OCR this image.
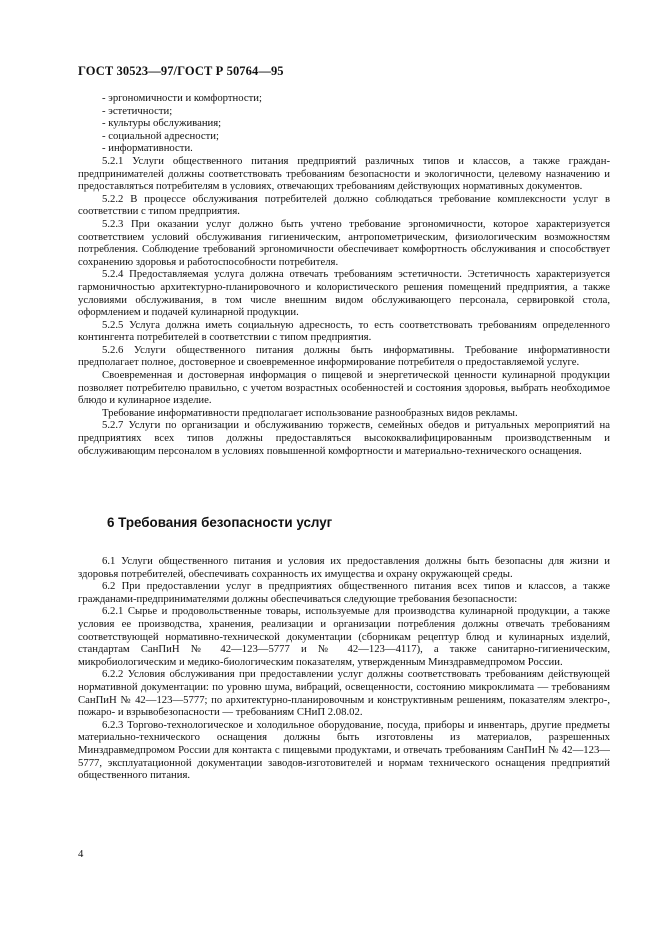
ГОСТ 30523—97/ГОСТ Р 50764—95

- эргономичности и комфортности;

- эстетичности;

- культуры обслуживания;

- социальной адресности;

- информативности.

5.2.1 Услуги общественного питания предприятий различных типов и классов, а также граждан-предпринимателей должны соответствовать требованиям безопасности и экологичности, целевому назначению и предоставляться потребителям в условиях, отвечающих требованиям действующих нормативных документов.

5.2.2 В процессе обслуживания потребителей должно соблюдаться требование комплексности услуг в соответствии с типом предприятия.

5.2.3 При оказании услуг должно быть учтено требование эргономичности, которое характеризуется соответствием условий обслуживания гигиеническим, антропометрическим, физиологическим возможностям потребления. Соблюдение требований эргономичности обеспечивает комфортность обслуживания и способствует сохранению здоровья и работоспособности потребителя.

5.2.4 Предоставляемая услуга должна отвечать требованиям эстетичности. Эстетичность характеризуется гармоничностью архитектурно-планировочного и колористического решения помещений предприятия, а также условиями обслуживания, в том числе внешним видом обслуживающего персонала, сервировкой стола, оформлением и подачей кулинарной продукции.

5.2.5 Услуга должна иметь социальную адресность, то есть соответствовать требованиям определенного контингента потребителей в соответствии с типом предприятия.

5.2.6 Услуги общественного питания должны быть информативны. Требование информативности предполагает полное, достоверное и своевременное информирование потребителя о предоставляемой услуге.

Своевременная и достоверная информация о пищевой и энергетической ценности кулинарной продукции позволяет потребителю правильно, с учетом возрастных особенностей и состояния здоровья, выбрать необходимое блюдо и кулинарное изделие.

Требование информативности предполагает использование разнообразных видов рекламы.

5.2.7 Услуги по организации и обслуживанию торжеств, семейных обедов и ритуальных мероприятий на предприятиях всех типов должны предоставляться высококвалифицированным производственным и обслуживающим персоналом в условиях повышенной комфортности и материально-технического оснащения.

6 Требования безопасности услуг

6.1 Услуги общественного питания и условия их предоставления должны быть безопасны для жизни и здоровья потребителей, обеспечивать сохранность их имущества и охрану окружающей среды.

6.2 При предоставлении услуг в предприятиях общественного питания всех типов и классов, а также гражданами-предпринимателями должны обеспечиваться следующие требования безопасности:

6.2.1 Сырье и продовольственные товары, используемые для производства кулинарной продукции, а также условия ее производства, хранения, реализации и организации потребления должны отвечать требованиям соответствующей нормативно-технической документации (сборникам рецептур блюд и кулинарных изделий, стандартам СанПиН № 42—123—5777 и № 42—123—4117), а также санитарно-гигиеническим, микробиологическим и медико-биологическим показателям, утвержденным Минздравмедпромом России.

6.2.2 Условия обслуживания при предоставлении услуг должны соответствовать требованиям действующей нормативной документации: по уровню шума, вибраций, освещенности, состоянию микроклимата — требованиям СанПиН № 42—123—5777; по архитектурно-планировочным и конструктивным решениям, показателям электро-, пожаро- и взрывобезопасности — требованиям СНиП 2.08.02.

6.2.3 Торгово-технологическое и холодильное оборудование, посуда, приборы и инвентарь, другие предметы материально-технического оснащения должны быть изготовлены из материалов, разрешенных Минздравмедпромом России для контакта с пищевыми продуктами, и отвечать требованиям СанПиН № 42—123—5777, эксплуатационной документации заводов-изготовителей и нормам технического оснащения предприятий общественного питания.

4
